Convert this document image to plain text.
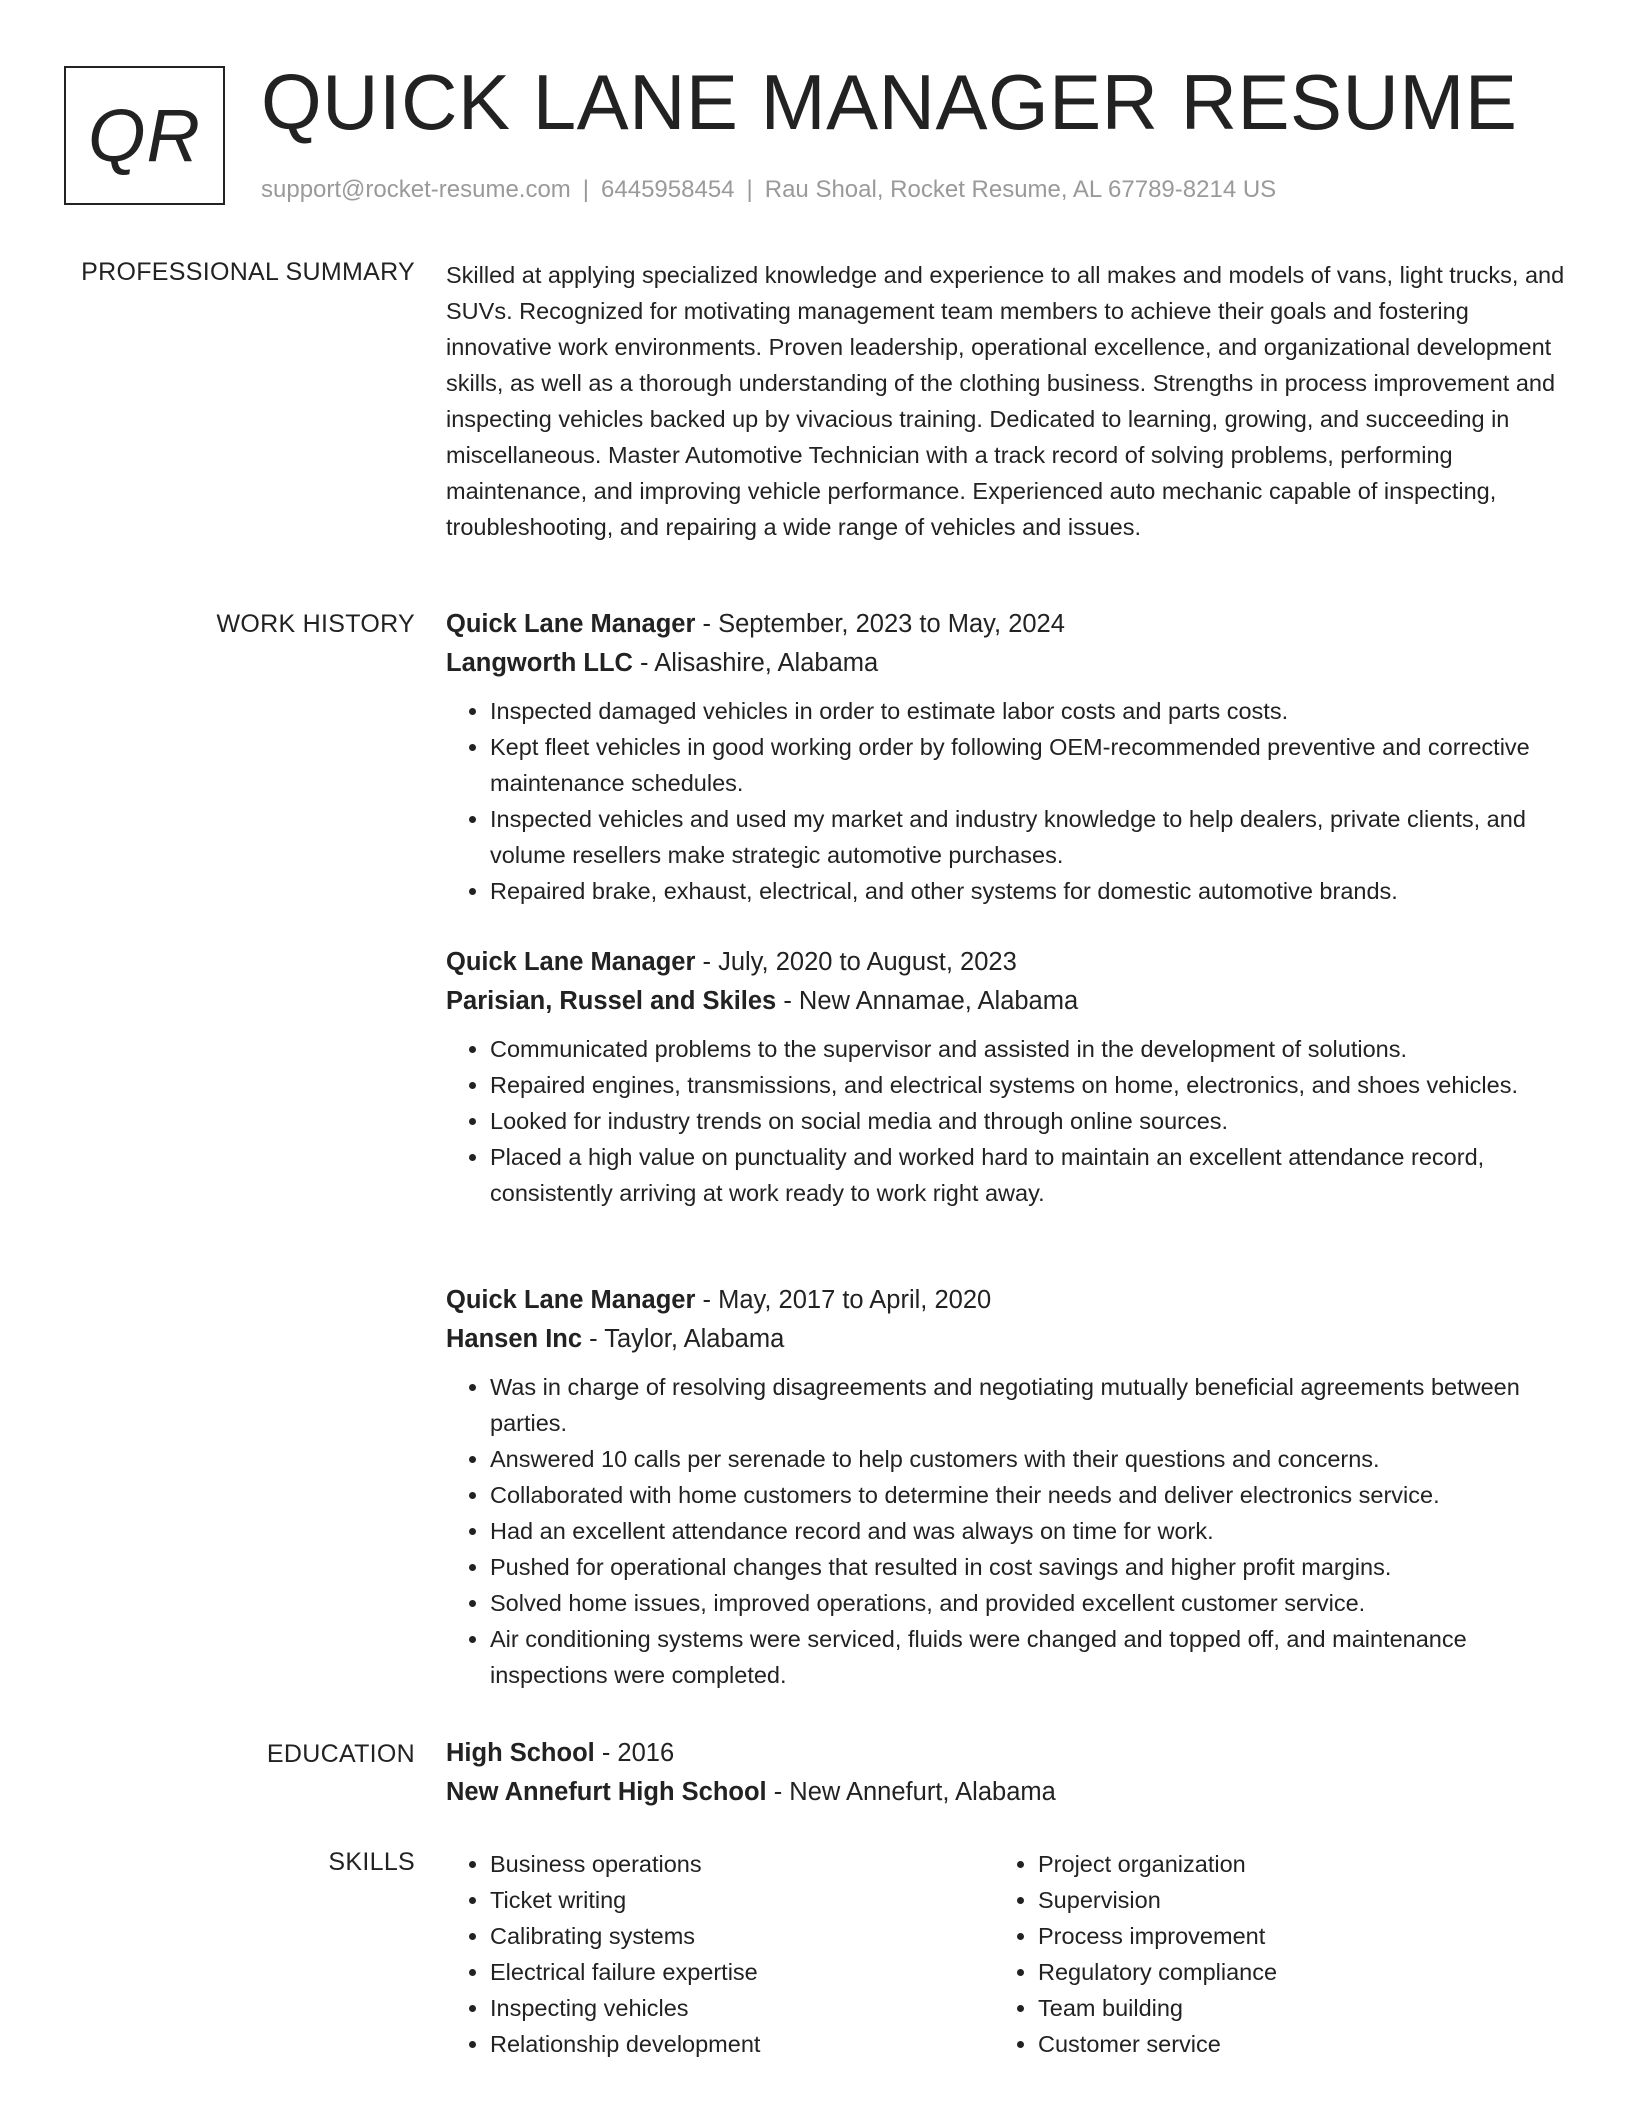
QR QUICK LANE MANAGER RESUME
support@rocket-resume.com | 6445958454 | Rau Shoal, Rocket Resume, AL 67789-8214 US
PROFESSIONAL SUMMARY Skilled at applying specialized knowledge and experience to all makes and models of vans, light trucks, and SUVs. Recognized for motivating management team members to achieve their goals and fostering innovative work environments. Proven leadership, operational excellence, and organizational development skills, as well as a thorough understanding of the clothing business. Strengths in process improvement and inspecting vehicles backed up by vivacious training. Dedicated to learning, growing, and succeeding in miscellaneous. Master Automotive Technician with a track record of solving problems, performing maintenance, and improving vehicle performance. Experienced auto mechanic capable of inspecting, troubleshooting, and repairing a wide range of vehicles and issues.

WORK HISTORY Quick Lane Manager - September, 2023 to May, 2024
Langworth LLC - Alisashire, Alabama
• Inspected damaged vehicles in order to estimate labor costs and parts costs.
• Kept fleet vehicles in good working order by following OEM-recommended preventive and corrective maintenance schedules.
• Inspected vehicles and used my market and industry knowledge to help dealers, private clients, and volume resellers make strategic automotive purchases.
• Repaired brake, exhaust, electrical, and other systems for domestic automotive brands.
Quick Lane Manager - July, 2020 to August, 2023
Parisian, Russel and Skiles - New Annamae, Alabama
• Communicated problems to the supervisor and assisted in the development of solutions.
• Repaired engines, transmissions, and electrical systems on home, electronics, and shoes vehicles.
• Looked for industry trends on social media and through online sources.
• Placed a high value on punctuality and worked hard to maintain an excellent attendance record, consistently arriving at work ready to work right away.
Quick Lane Manager - May, 2017 to April, 2020
Hansen Inc - Taylor, Alabama
• Was in charge of resolving disagreements and negotiating mutually beneficial agreements between parties.
• Answered 10 calls per serenade to help customers with their questions and concerns.
• Collaborated with home customers to determine their needs and deliver electronics service.
• Had an excellent attendance record and was always on time for work.
• Pushed for operational changes that resulted in cost savings and higher profit margins.
• Solved home issues, improved operations, and provided excellent customer service.
• Air conditioning systems were serviced, fluids were changed and topped off, and maintenance inspections were completed.
EDUCATION High School - 2016
New Annefurt High School - New Annefurt, Alabama
SKILLS
•	Business operations
• Ticket writing
• Calibrating systems
• Electrical failure expertise
• Inspecting vehicles
• Relationship development
• Project organization
• Supervision
• Process improvement
• Regulatory compliance
• Team building
• Customer service
